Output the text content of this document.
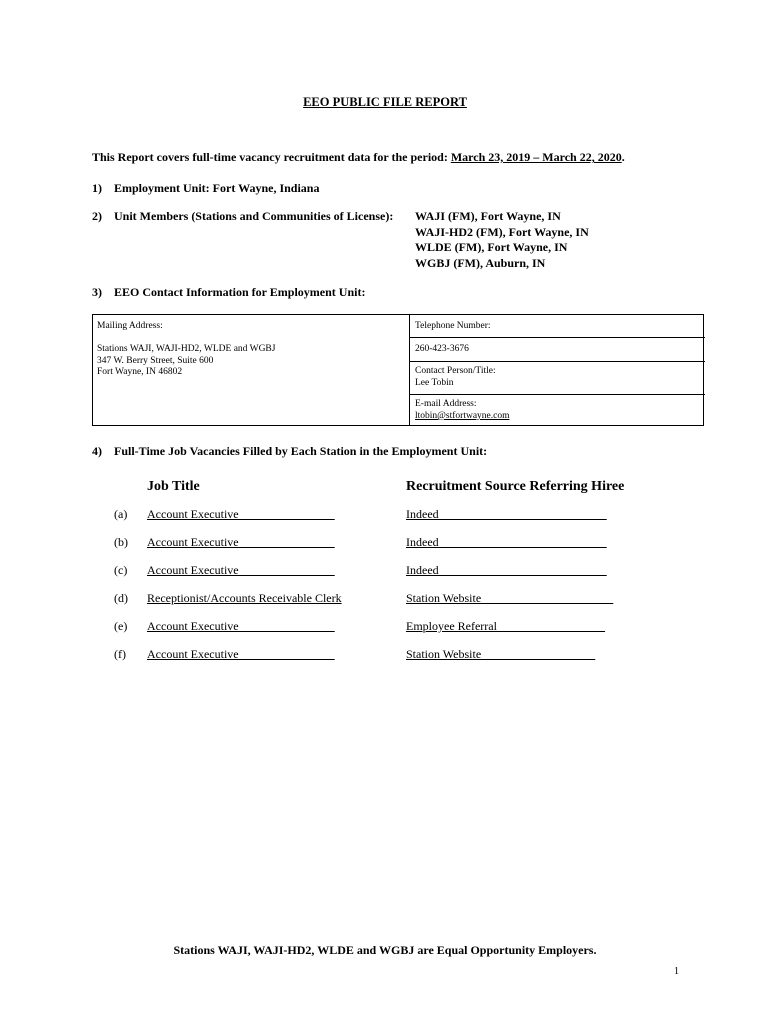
EEO PUBLIC FILE REPORT
This Report covers full-time vacancy recruitment data for the period: March 23, 2019 – March 22, 2020.
1) Employment Unit: Fort Wayne, Indiana
2) Unit Members (Stations and Communities of License): WAJI (FM), Fort Wayne, IN
WAJI-HD2 (FM), Fort Wayne, IN
WLDE (FM), Fort Wayne, IN
WGBJ (FM), Auburn, IN
3) EEO Contact Information for Employment Unit:
Mailing Address:
Stations WAJI, WAJI-HD2, WLDE and WGBJ
347 W. Berry Street, Suite 600
Fort Wayne, IN 46802
Telephone Number:
260-423-3676
Contact Person/Title:
Lee Tobin
E-mail Address:
ltobin@stfortwayne.com
4) Full-Time Job Vacancies Filled by Each Station in the Employment Unit:
Job Title	Recruitment Source Referring Hiree
(a) Account Executive________________	Indeed____________________________
(b) Account Executive________________	Indeed____________________________
(c) Account Executive________________	Indeed____________________________
(d) Receptionist/Accounts Receivable Clerk	Station Website______________________
(e) Account Executive________________	Employee Referral__________________
(f) Account Executive________________	Station Website___________________
Stations WAJI, WAJI-HD2, WLDE and WGBJ are Equal Opportunity Employers.
1
